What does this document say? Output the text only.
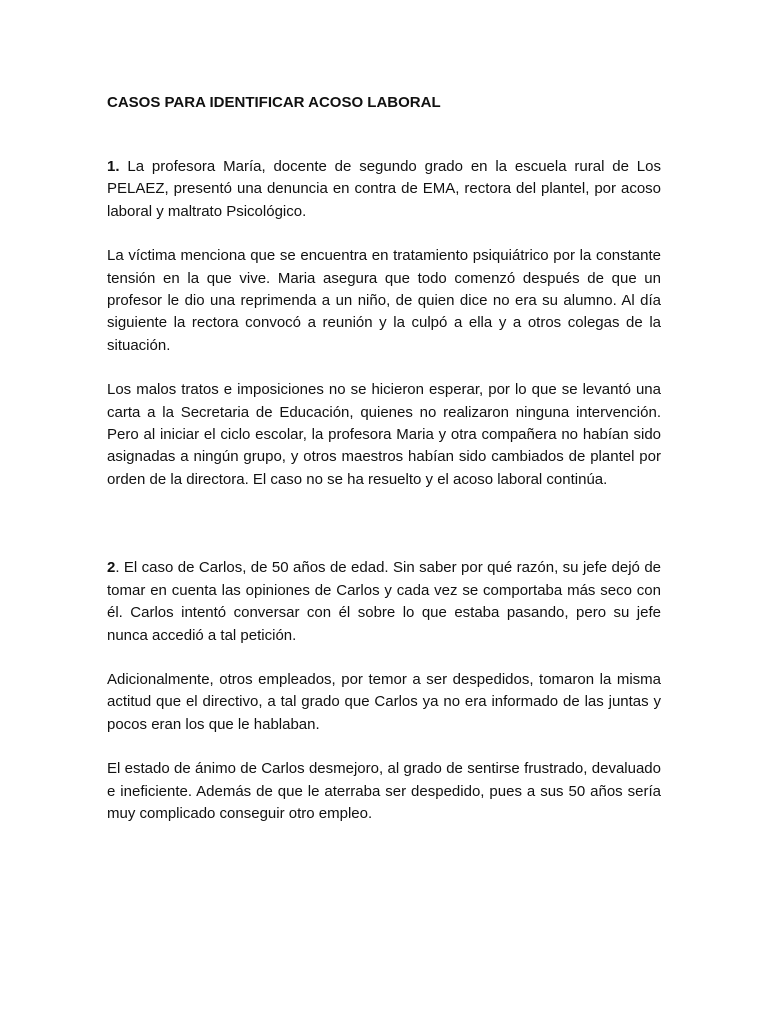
CASOS PARA IDENTIFICAR ACOSO LABORAL

1. La profesora María, docente de segundo grado en la escuela rural de Los PELAEZ, presentó una denuncia en contra de EMA, rectora del plantel, por acoso laboral y maltrato Psicológico.

La víctima menciona que se encuentra en tratamiento psiquiátrico por la constante tensión en la que vive. Maria asegura que todo comenzó después de que un profesor le dio una reprimenda a un niño, de quien dice no era su alumno. Al día siguiente la rectora convocó a reunión y la culpó a ella y a otros colegas de la situación.

Los malos tratos e imposiciones no se hicieron esperar, por lo que se levantó una carta a la Secretaria de Educación, quienes no realizaron ninguna intervención. Pero al iniciar el ciclo escolar, la profesora Maria y otra compañera no habían sido asignadas a ningún grupo, y otros maestros habían sido cambiados de plantel por orden de la directora. El caso no se ha resuelto y el acoso laboral continúa.

2. El caso de Carlos, de 50 años de edad. Sin saber por qué razón, su jefe dejó de tomar en cuenta las opiniones de Carlos y cada vez se comportaba más seco con él. Carlos intentó conversar con él sobre lo que estaba pasando, pero su jefe nunca accedió a tal petición.

Adicionalmente, otros empleados, por temor a ser despedidos, tomaron la misma actitud que el directivo, a tal grado que Carlos ya no era informado de las juntas y pocos eran los que le hablaban.

El estado de ánimo de Carlos desmejoro, al grado de sentirse frustrado, devaluado e ineficiente. Además de que le aterraba ser despedido, pues a sus 50 años sería muy complicado conseguir otro empleo.
